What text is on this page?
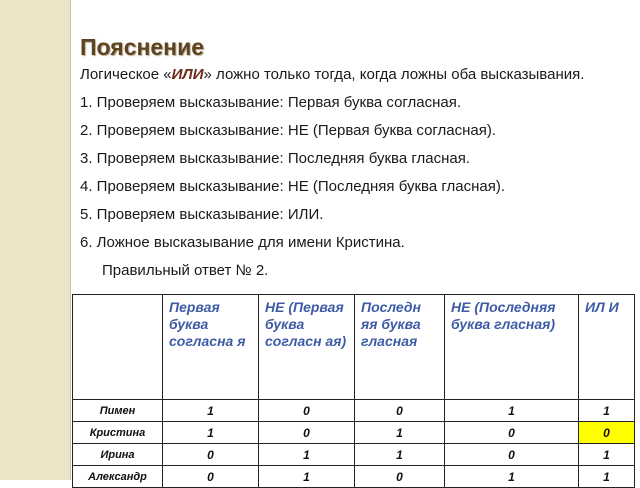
Пояснение

Логическое «ИЛИ» ложно только тогда, когда ложны оба высказывания.

1. Проверяем высказывание: Первая буква согласная.

2. Проверяем высказывание: НЕ (Первая буква согласная).

3. Проверяем высказывание: Последняя буква гласная.

4. Проверяем высказывание: НЕ (Последняя буква гласная).

5. Проверяем высказывание: ИЛИ.

6. Ложное высказывание для имени Кристина.

Правильный ответ № 2.

	Первая буква согласна я	НЕ (Первая буква согласн ая)	Последн яя буква гласная	НЕ (Последняя буква гласная)	ИЛ И
Пимен	1	0	0	1	1
Кристина	1	0	1	0	0
Ирина	0	1	1	0	1
Александр	0	1	0	1	1
